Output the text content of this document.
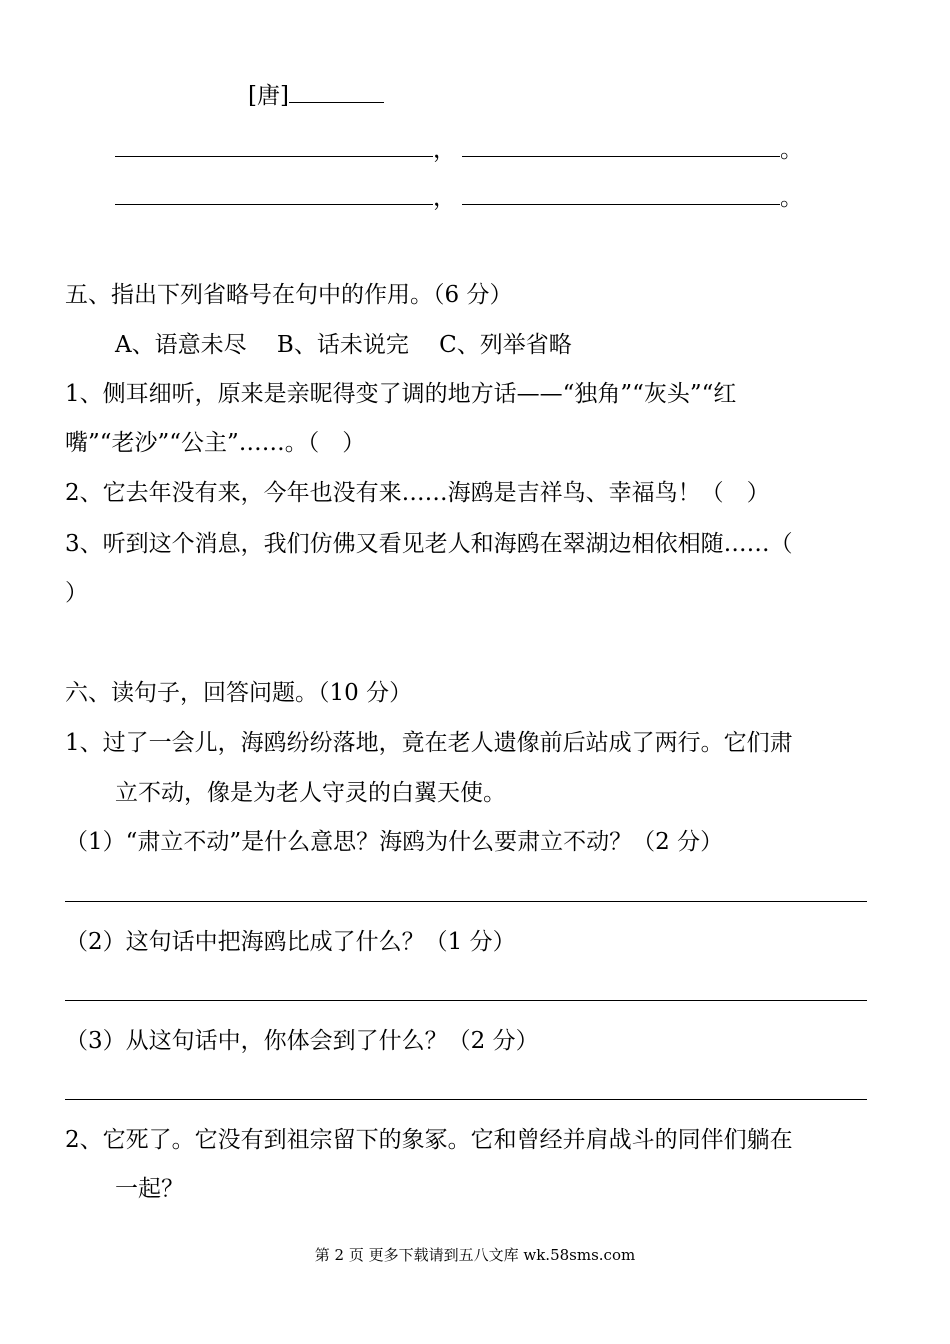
[唐]
，	。
，	。
五、指出下列省略号在句中的作用。（6 分）
A、语意未尽　 B、话未说完　 C、列举省略
1、侧耳细听，原来是亲昵得变了调的地方话——“独角”“灰头”“红
嘴”“老沙”“公主”……。（　）
2、它去年没有来，今年也没有来……海鸥是吉祥鸟、幸福鸟！（　）
3、听到这个消息，我们仿佛又看见老人和海鸥在翠湖边相依相随……（
）
六、读句子，回答问题。（10 分）
1、过了一会儿，海鸥纷纷落地，竟在老人遗像前后站成了两行。它们肃
立不动，像是为老人守灵的白翼天使。
（1）“肃立不动”是什么意思？海鸥为什么要肃立不动？（2 分）
（2）这句话中把海鸥比成了什么？（1 分）
（3）从这句话中，你体会到了什么？（2 分）
2、它死了。它没有到祖宗留下的象冢。它和曾经并肩战斗的同伴们躺在
一起？
第 2 页 更多下载请到五八文库 wk.58sms.com
